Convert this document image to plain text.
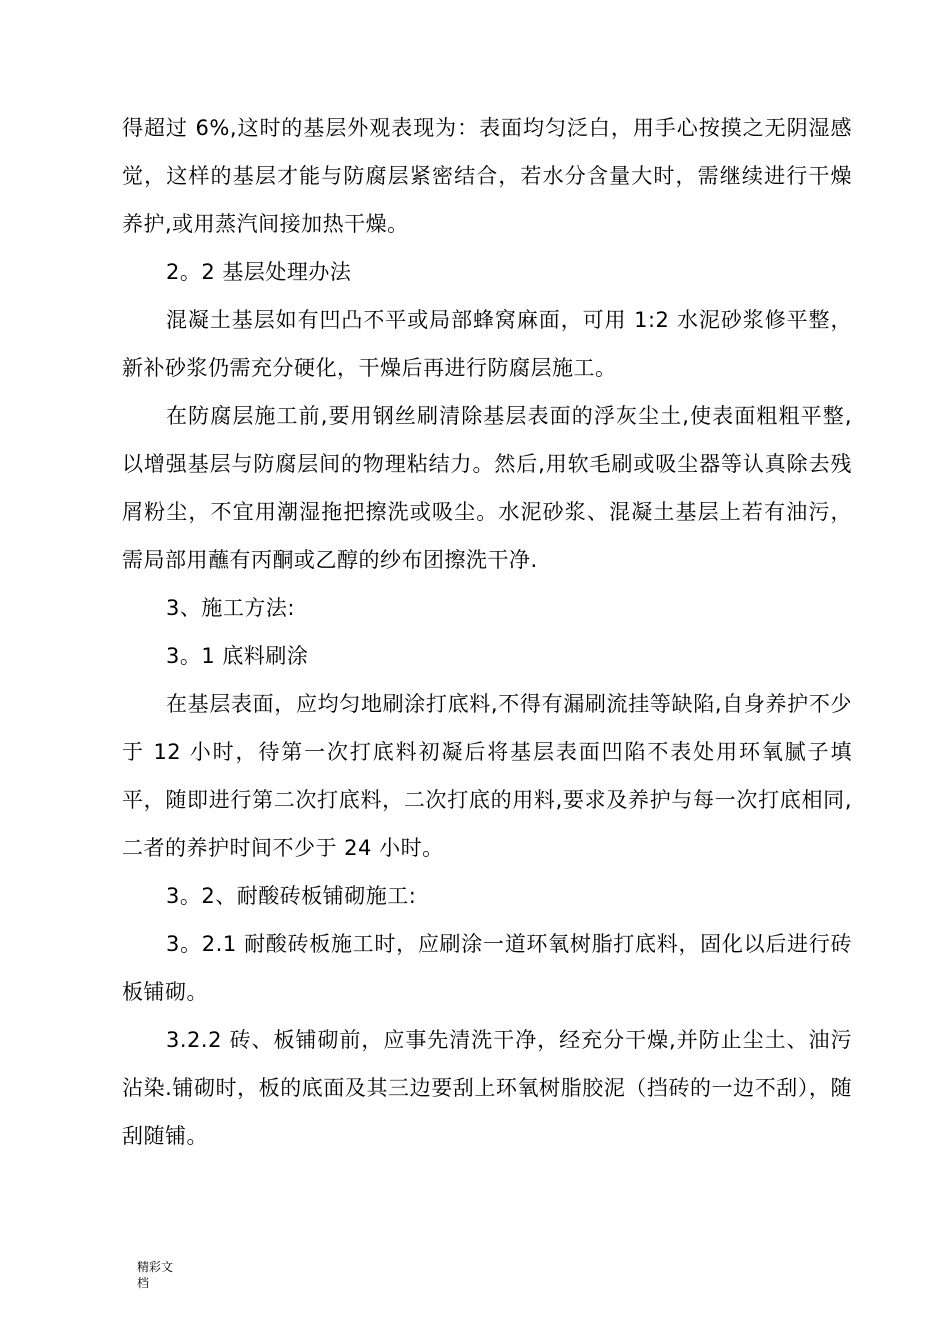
得超过 6%,这时的基层外观表现为：表面均匀泛白，用手心按摸之无阴湿感觉，这样的基层才能与防腐层紧密结合，若水分含量大时，需继续进行干燥养护,或用蒸汽间接加热干燥。

2。2 基层处理办法

混凝土基层如有凹凸不平或局部蜂窝麻面，可用 1:2 水泥砂浆修平整，新补砂浆仍需充分硬化，干燥后再进行防腐层施工。

在防腐层施工前,要用钢丝刷清除基层表面的浮灰尘土,使表面粗粗平整,以增强基层与防腐层间的物理粘结力。然后,用软毛刷或吸尘器等认真除去残屑粉尘，不宜用潮湿拖把擦洗或吸尘。水泥砂浆、混凝土基层上若有油污，需局部用蘸有丙酮或乙醇的纱布团擦洗干净.

3、施工方法:

3。1 底料刷涂

在基层表面，应均匀地刷涂打底料,不得有漏刷流挂等缺陷,自身养护不少于 12 小时，待第一次打底料初凝后将基层表面凹陷不表处用环氧腻子填平，随即进行第二次打底料，二次打底的用料,要求及养护与每一次打底相同,二者的养护时间不少于 24 小时。

3。2、耐酸砖板铺砌施工:

3。2.1 耐酸砖板施工时，应刷涂一道环氧树脂打底料，固化以后进行砖板铺砌。

3.2.2 砖、板铺砌前，应事先清洗干净，经充分干燥,并防止尘土、油污沾染.铺砌时，板的底面及其三边要刮上环氧树脂胶泥（挡砖的一边不刮），随刮随铺。

精彩文档
